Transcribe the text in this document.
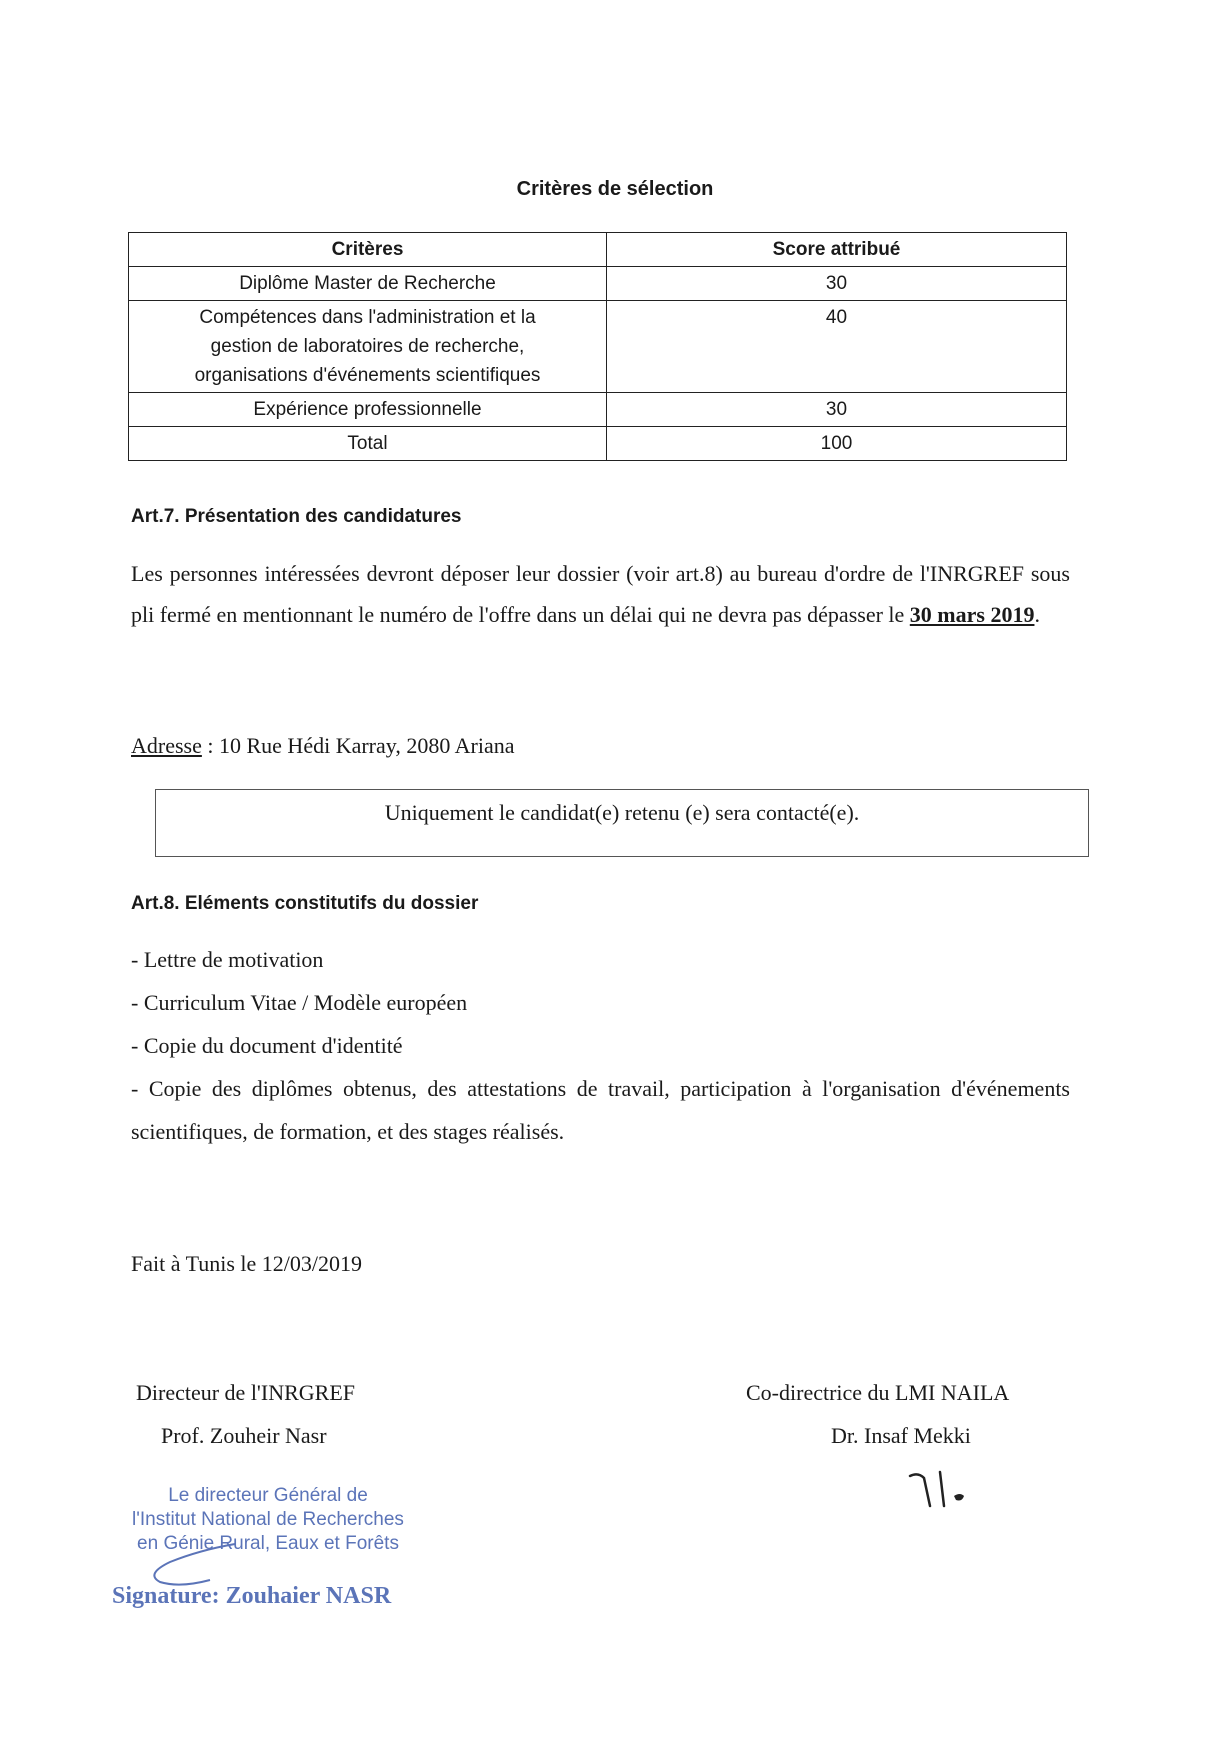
Critères de sélection
Critères	Score attribué
Diplôme Master de Recherche	30

Compétences dans l'administration et la
gestion de laboratoires de recherche,
organisations d'événements scientifiques	40
Expérience professionnelle	30
Total	100
Art.7. Présentation des candidatures
Les personnes intéressées devront déposer leur dossier (voir art.8) au bureau d'ordre de l'INRGREF sous pli fermé en mentionnant le numéro de l'offre dans un délai qui ne devra pas dépasser le 30 mars 2019.
Adresse : 10 Rue Hédi Karray, 2080 Ariana
Uniquement le candidat(e) retenu (e) sera contacté(e).
Art.8. Eléments constitutifs du dossier
- Lettre de motivation
- Curriculum Vitae / Modèle européen
- Copie du document d'identité
- Copie des diplômes obtenus, des attestations de travail, participation à l'organisation d'événements scientifiques, de formation, et des stages réalisés.
Fait à Tunis le 12/03/2019
Directeur de l'INRGREF
Prof. Zouheir Nasr
Co-directrice du LMI NAILA
Dr. Insaf Mekki
Le directeur Général de
l'Institut National de Recherches
en Génie Rural, Eaux et Forêts
Signature: Zouhaier NASR
